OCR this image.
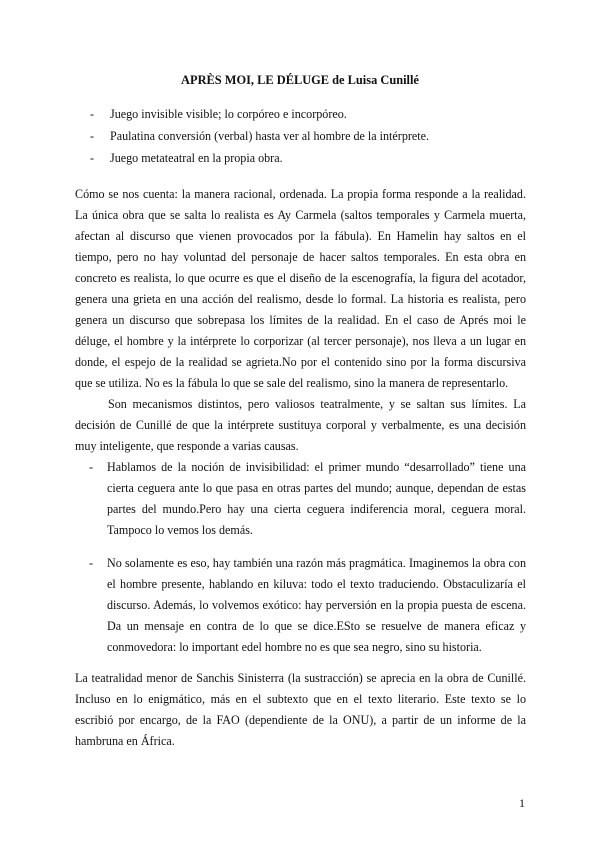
APRÈS MOI, LE DÉLUGE de Luisa Cunillé
- Juego invisible visible; lo corpóreo e incorpóreo.
- Paulatina conversión (verbal) hasta ver al hombre de la intérprete.
- Juego metateatral en la propia obra.

Cómo se nos cuenta: la manera racional, ordenada. La propia forma responde a la realidad. La única obra que se salta lo realista es Ay Carmela (saltos temporales y Carmela muerta, afectan al discurso que vienen provocados por la fábula). En Hamelin hay saltos en el tiempo, pero no hay voluntad del personaje de hacer saltos temporales. En esta obra en concreto es realista, lo que ocurre es que el diseño de la escenografía, la figura del acotador, genera una grieta en una acción del realismo, desde lo formal. La historia es realista, pero genera un discurso que sobrepasa los límites de la realidad. En el caso de Aprés moi le déluge, el hombre y la intérprete lo corporizar (al tercer personaje), nos lleva a un lugar en donde, el espejo de la realidad se agrieta.No por el contenido sino por la forma discursiva que se utiliza. No es la fábula lo que se sale del realismo, sino la manera de representarlo.

Son mecanismos distintos, pero valiosos teatralmente, y se saltan sus límites. La decisión de Cunillé de que la intérprete sustituya corporal y verbalmente, es una decisión muy inteligente, que responde a varias causas.

- Hablamos de la noción de invisibilidad: el primer mundo “desarrollado” tiene una cierta ceguera ante lo que pasa en otras partes del mundo; aunque, dependan de estas partes del mundo.Pero hay una cierta ceguera indiferencia moral, ceguera moral. Tampoco lo vemos los demás.
- No solamente es eso, hay también una razón más pragmática. Imaginemos la obra con el hombre presente, hablando en kiluva: todo el texto traduciendo. Obstaculizaría el discurso. Además, lo volvemos exótico: hay perversión en la propia puesta de escena. Da un mensaje en contra de lo que se dice.ESto se resuelve de manera eficaz y conmovedora: lo important edel hombre no es que sea negro, sino su historia.

La teatralidad menor de Sanchis Sinisterra (la sustracción) se aprecia en la obra de Cunillé. Incluso en lo enigmático, más en el subtexto que en el texto literario. Este texto se lo escribió por encargo, de la FAO (dependiente de la ONU), a partir de un informe de la hambruna en África.

1
